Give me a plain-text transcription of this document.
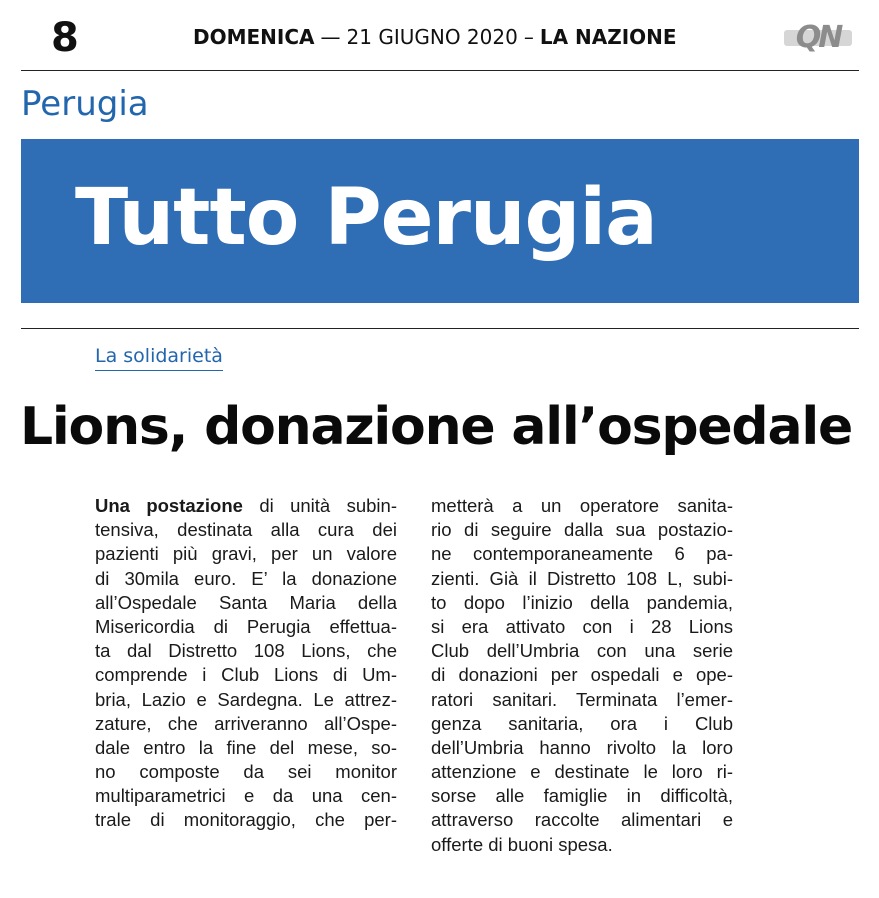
8	DOMENICA — 21 GIUGNO 2020 – LA NAZIONE	QN
Perugia
Tutto Perugia
La solidarietà
Lions, donazione all’ospedale
Una postazione di unità subin-
tensiva, destinata alla cura dei
pazienti più gravi, per un valore
di 30mila euro. E’ la donazione
all’Ospedale Santa Maria della
Misericordia di Perugia effettua-
ta dal Distretto 108 Lions, che
comprende i Club Lions di Um-
bria, Lazio e Sardegna. Le attrez-
zature, che arriveranno all’Ospe-
dale entro la fine del mese, so-
no composte da sei monitor
multiparametrici e da una cen-
trale di monitoraggio, che per-
metterà a un operatore sanita-
rio di seguire dalla sua postazio-
ne contemporaneamente 6 pa-
zienti. Già il Distretto 108 L, subi-
to dopo l’inizio della pandemia,
si era attivato con i 28 Lions
Club dell’Umbria con una serie
di donazioni per ospedali e ope-
ratori sanitari. Terminata l’emer-
genza sanitaria, ora i Club
dell’Umbria hanno rivolto la loro
attenzione e destinate le loro ri-
sorse alle famiglie in difficoltà,
attraverso raccolte alimentari e
offerte di buoni spesa.
